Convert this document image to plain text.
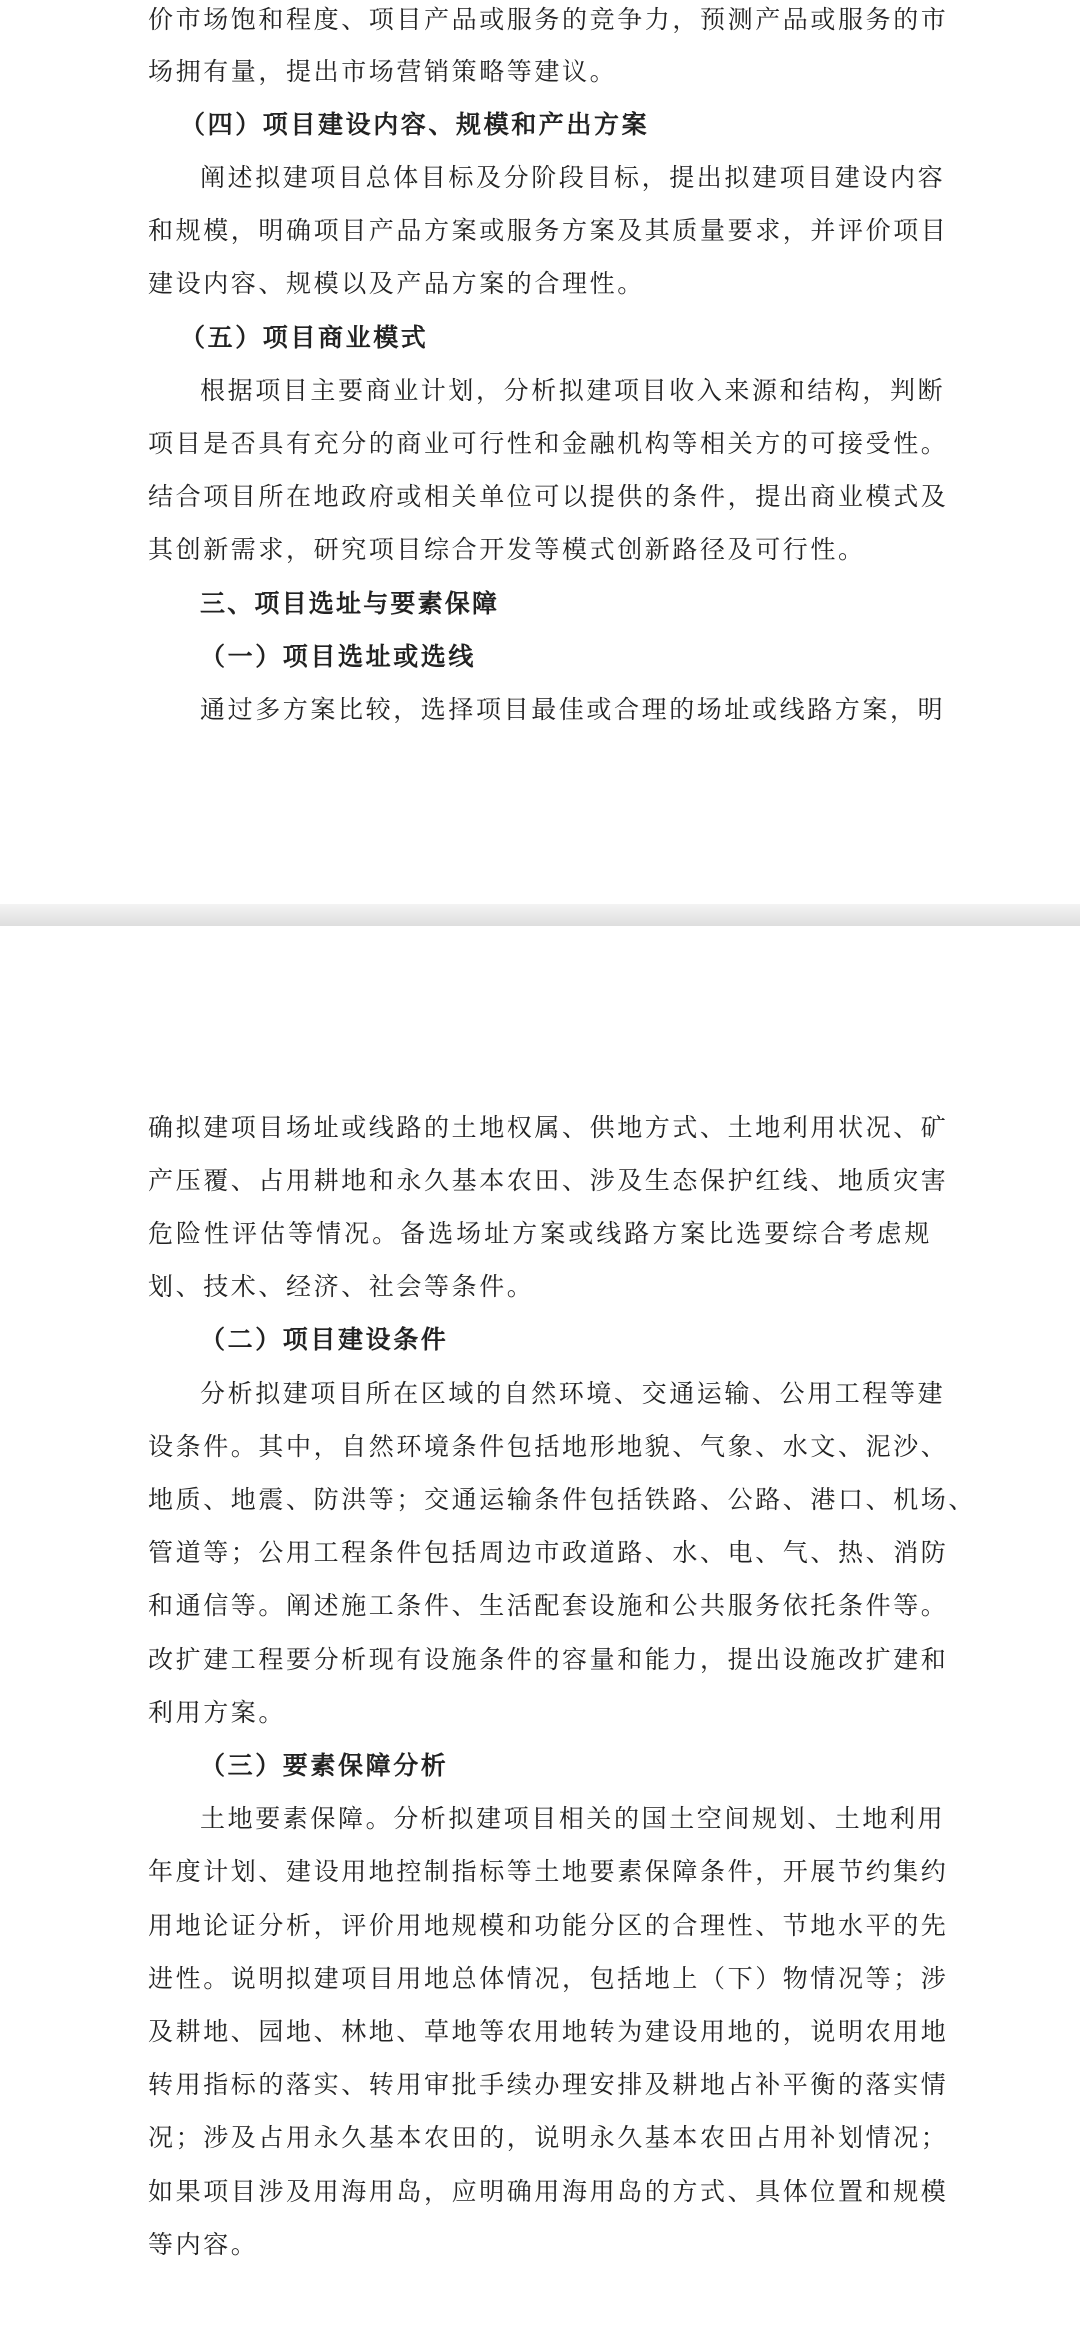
价市场饱和程度、项目产品或服务的竞争力，预测产品或服务的市
场拥有量，提出市场营销策略等建议。
（四）项目建设内容、规模和产出方案
阐述拟建项目总体目标及分阶段目标，提出拟建项目建设内容
和规模，明确项目产品方案或服务方案及其质量要求，并评价项目
建设内容、规模以及产品方案的合理性。
（五）项目商业模式
根据项目主要商业计划，分析拟建项目收入来源和结构，判断
项目是否具有充分的商业可行性和金融机构等相关方的可接受性。
结合项目所在地政府或相关单位可以提供的条件，提出商业模式及
其创新需求，研究项目综合开发等模式创新路径及可行性。
三、项目选址与要素保障
（一）项目选址或选线
通过多方案比较，选择项目最佳或合理的场址或线路方案，明
确拟建项目场址或线路的土地权属、供地方式、土地利用状况、矿
产压覆、占用耕地和永久基本农田、涉及生态保护红线、地质灾害
危险性评估等情况。备选场址方案或线路方案比选要综合考虑规
划、技术、经济、社会等条件。
（二）项目建设条件
分析拟建项目所在区域的自然环境、交通运输、公用工程等建
设条件。其中，自然环境条件包括地形地貌、气象、水文、泥沙、
地质、地震、防洪等；交通运输条件包括铁路、公路、港口、机场、
管道等；公用工程条件包括周边市政道路、水、电、气、热、消防
和通信等。阐述施工条件、生活配套设施和公共服务依托条件等。
改扩建工程要分析现有设施条件的容量和能力，提出设施改扩建和
利用方案。
（三）要素保障分析
土地要素保障。分析拟建项目相关的国土空间规划、土地利用
年度计划、建设用地控制指标等土地要素保障条件，开展节约集约
用地论证分析，评价用地规模和功能分区的合理性、节地水平的先
进性。说明拟建项目用地总体情况，包括地上（下）物情况等；涉
及耕地、园地、林地、草地等农用地转为建设用地的，说明农用地
转用指标的落实、转用审批手续办理安排及耕地占补平衡的落实情
况；涉及占用永久基本农田的，说明永久基本农田占用补划情况；
如果项目涉及用海用岛，应明确用海用岛的方式、具体位置和规模
等内容。
